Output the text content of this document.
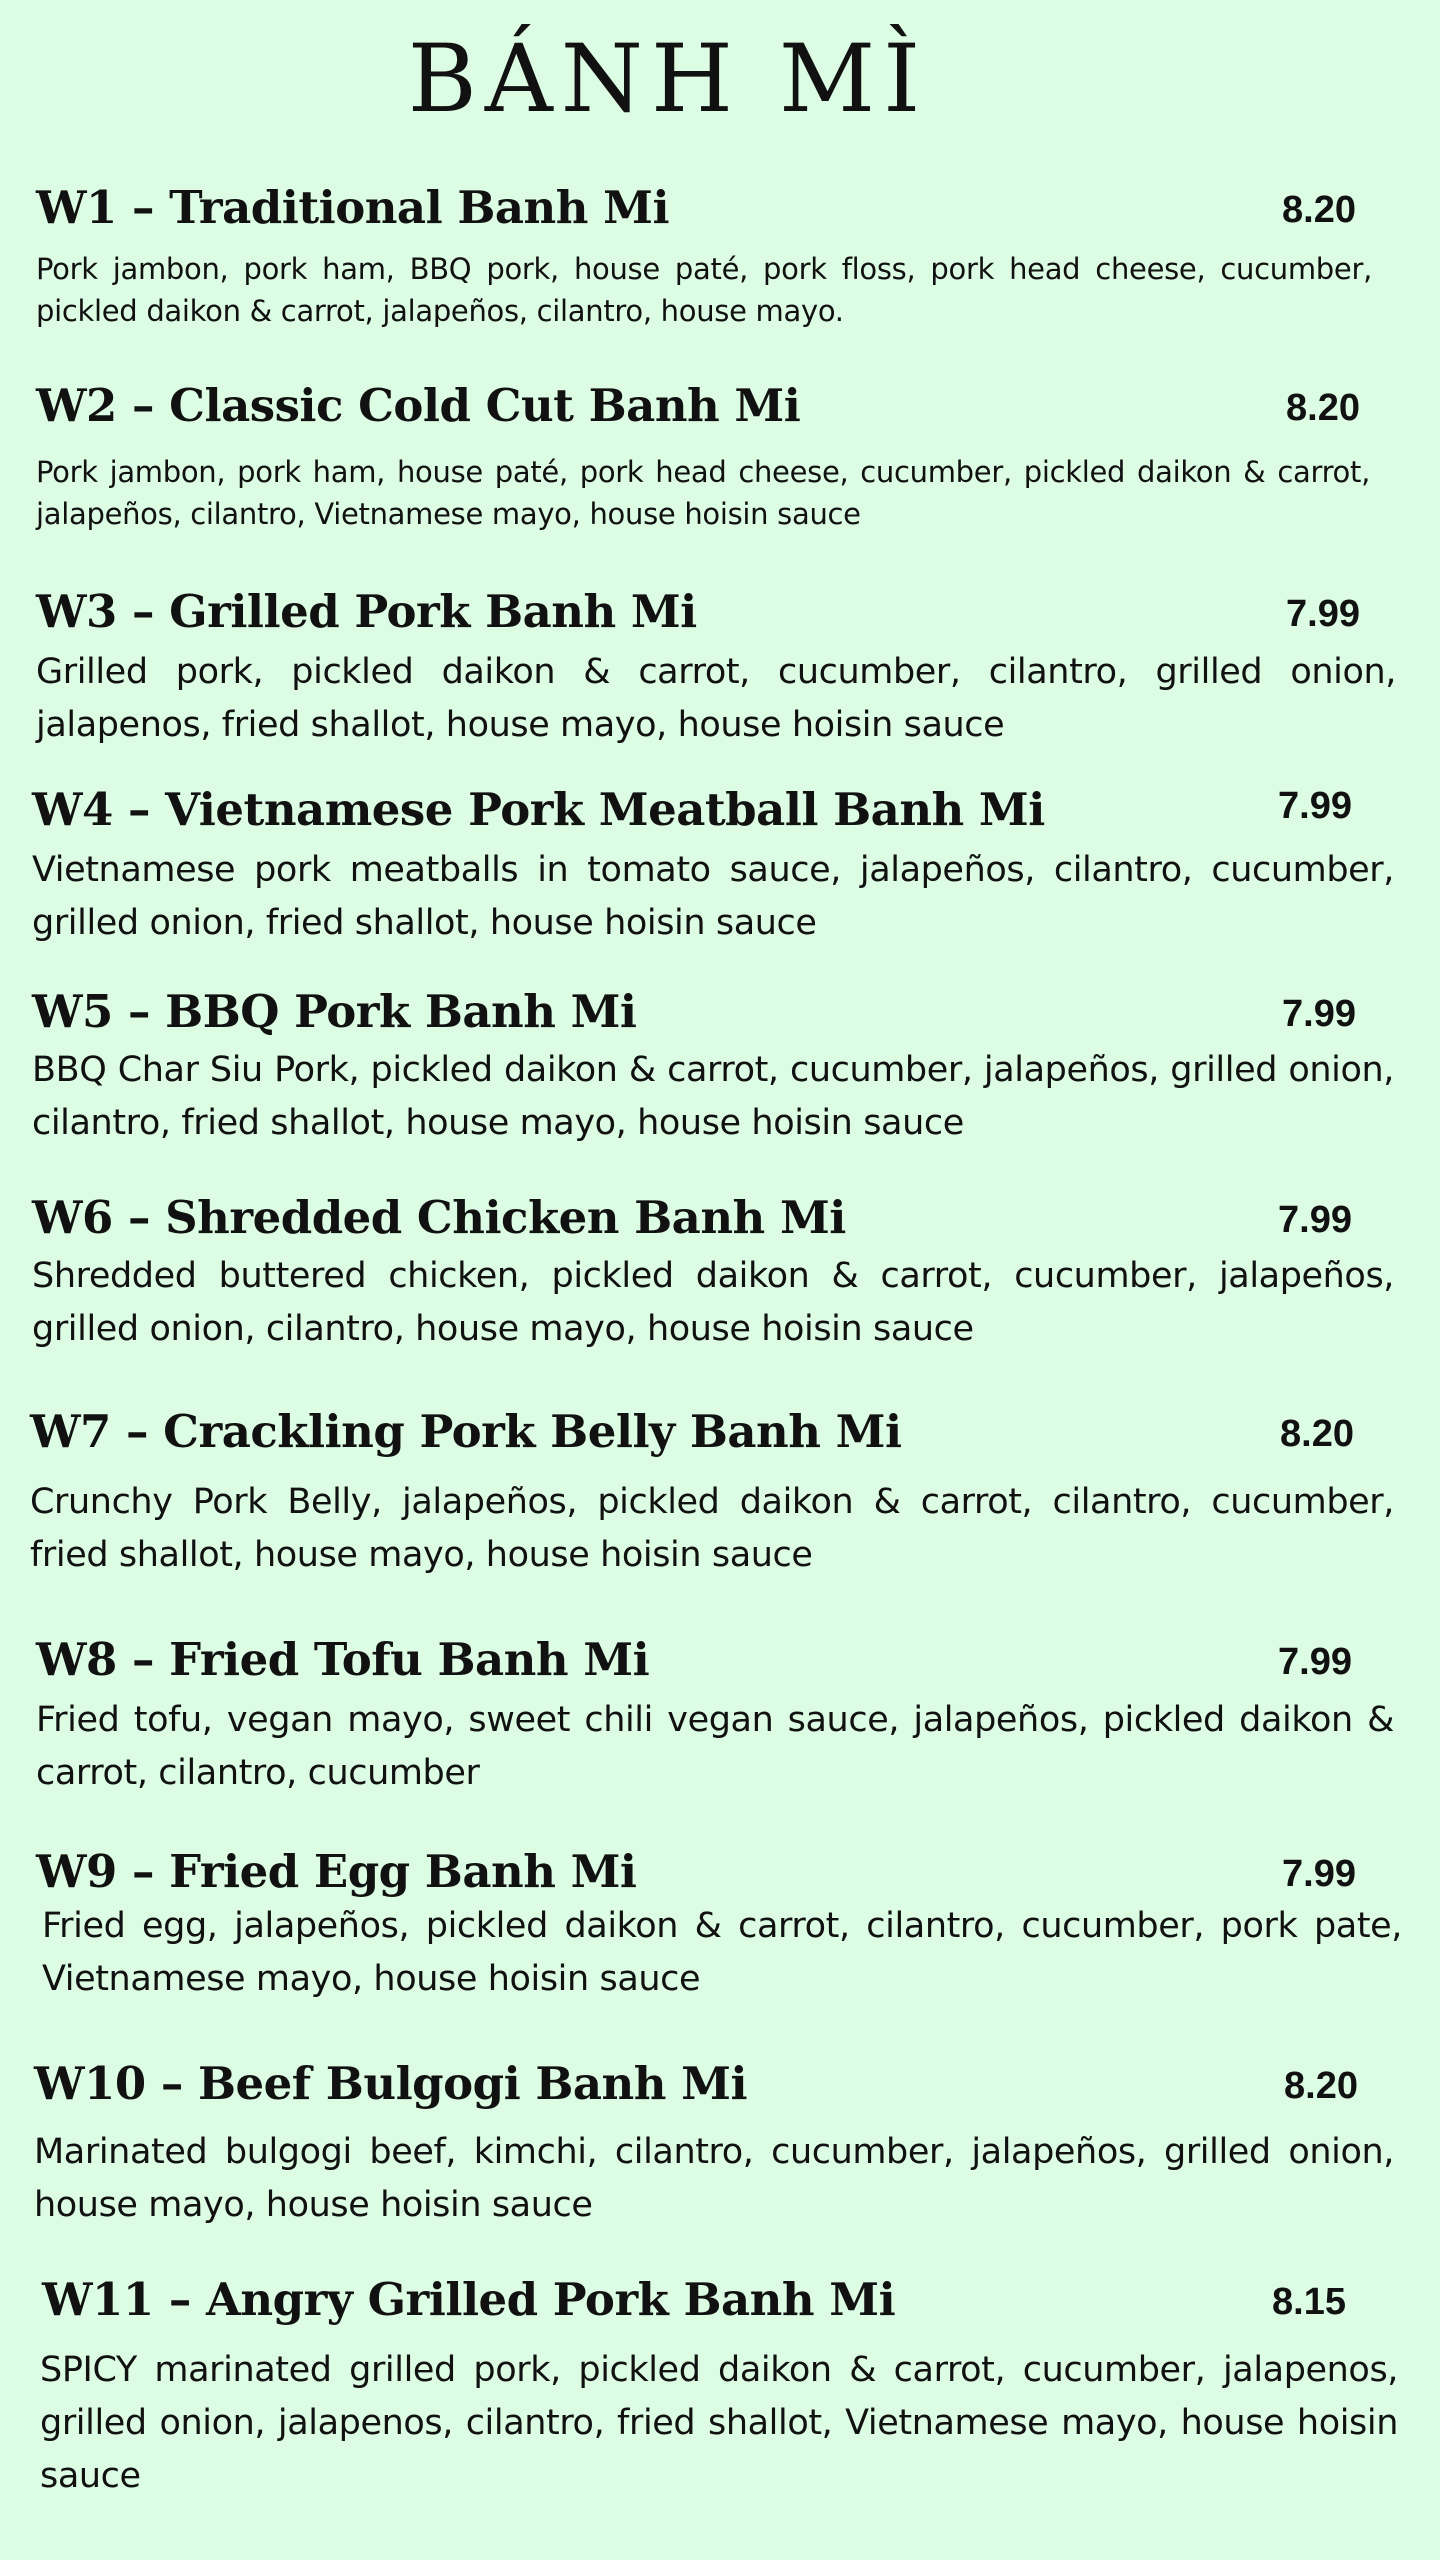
BÁNH MÌ
W1 – Traditional Banh Mi	8.20

Pork jambon, pork ham, BBQ pork, house paté, pork floss, pork head cheese, cucumber, pickled daikon & carrot, jalapeños, cilantro, house mayo.

W2 – Classic Cold Cut Banh Mi	8.20

Pork jambon, pork ham, house paté, pork head cheese, cucumber, pickled daikon & carrot, jalapeños, cilantro, Vietnamese mayo, house hoisin sauce

W3 – Grilled Pork Banh Mi	7.99

Grilled pork, pickled daikon & carrot, cucumber, cilantro, grilled onion, jalapenos, fried shallot, house mayo, house hoisin sauce

W4 – Vietnamese Pork Meatball Banh Mi	7.99

Vietnamese pork meatballs in tomato sauce, jalapeños, cilantro, cucumber, grilled onion, fried shallot, house hoisin sauce

W5 – BBQ Pork Banh Mi	7.99

BBQ Char Siu Pork, pickled daikon & carrot, cucumber, jalapeños, grilled onion, cilantro, fried shallot, house mayo, house hoisin sauce

W6 – Shredded Chicken Banh Mi	7.99

Shredded buttered chicken, pickled daikon & carrot, cucumber, jalapeños, grilled onion, cilantro, house mayo, house hoisin sauce

W7 – Crackling Pork Belly Banh Mi	8.20

Crunchy Pork Belly, jalapeños, pickled daikon & carrot, cilantro, cucumber, fried shallot, house mayo, house hoisin sauce

W8 – Fried Tofu Banh Mi	7.99

Fried tofu, vegan mayo, sweet chili vegan sauce, jalapeños, pickled daikon & carrot, cilantro, cucumber

W9 – Fried Egg Banh Mi	7.99

Fried egg, jalapeños, pickled daikon & carrot, cilantro, cucumber, pork pate, Vietnamese mayo, house hoisin sauce

W10 – Beef Bulgogi Banh Mi	8.20

Marinated bulgogi beef, kimchi, cilantro, cucumber, jalapeños, grilled onion, house mayo, house hoisin sauce

W11 – Angry Grilled Pork Banh Mi	8.15

SPICY marinated grilled pork, pickled daikon & carrot, cucumber, jalapenos, grilled onion, jalapenos, cilantro, fried shallot, Vietnamese mayo, house hoisin sauce
